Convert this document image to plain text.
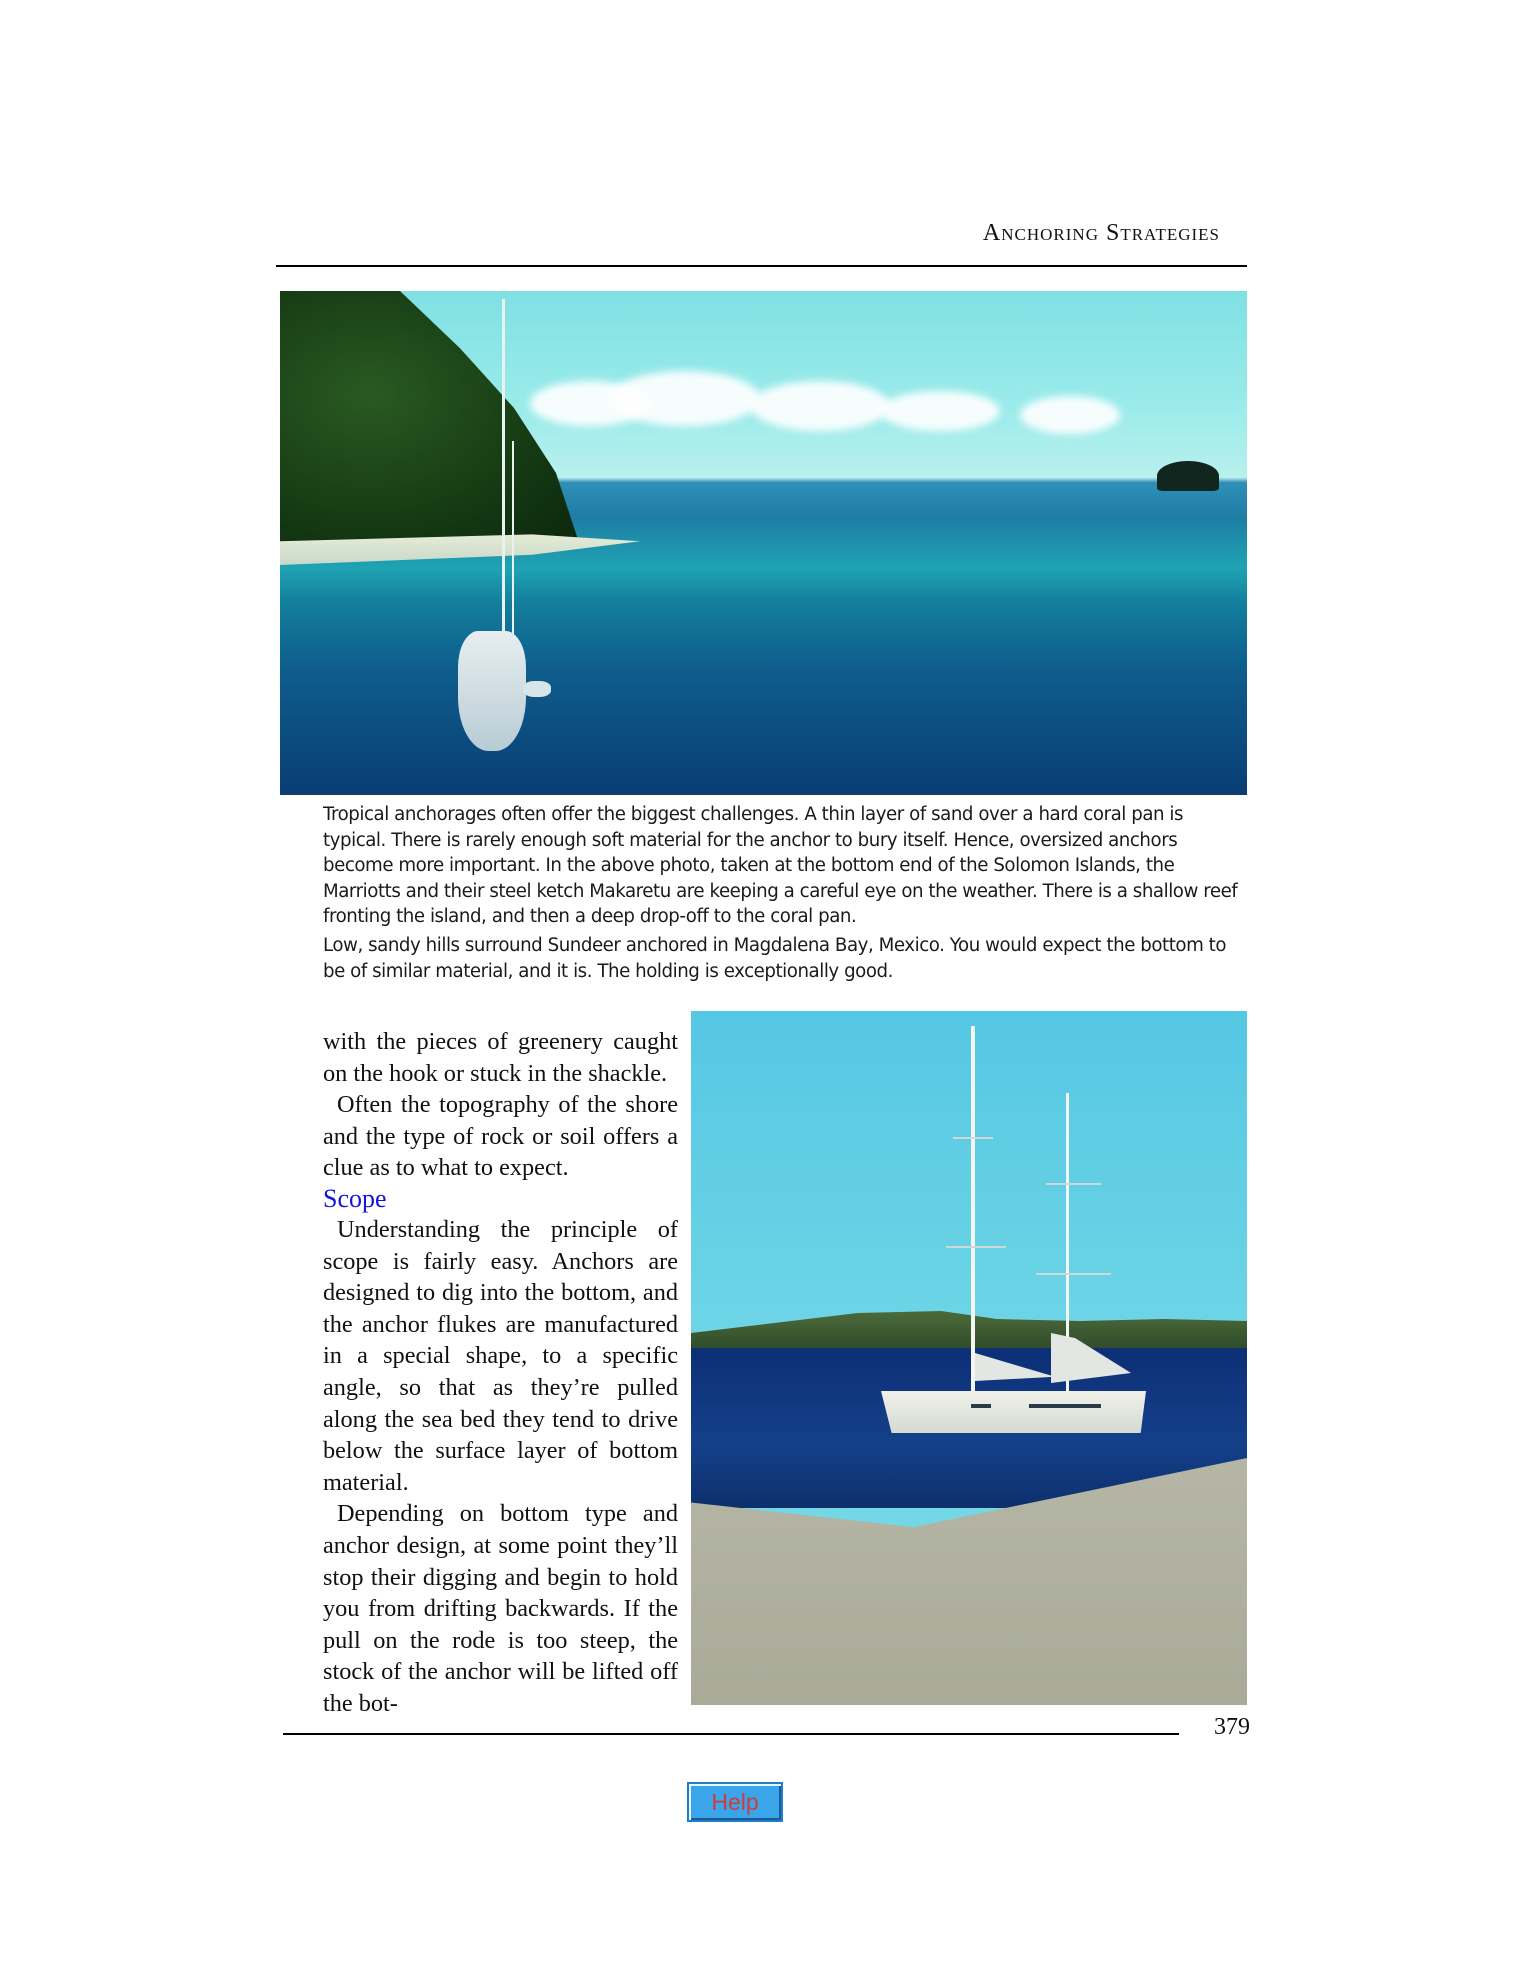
Anchoring Strategies
Tropical anchorages often offer the biggest challenges. A thin layer of sand over a hard coral pan is typical. There is rarely enough soft material for the anchor to bury itself. Hence, oversized anchors become more important. In the above photo, taken at the bottom end of the Solomon Islands, the Marriotts and their steel ketch Makaretu are keeping a careful eye on the weather. There is a shallow reef fronting the island, and then a deep drop-off to the coral pan.
Low, sandy hills surround Sundeer anchored in Magdalena Bay, Mexico. You would expect the bottom to be of similar material, and it is. The holding is exceptionally good.

with the pieces of greenery caught on the hook or stuck in the shackle.

Often the topography of the shore and the type of rock or soil offers a clue as to what to expect.

Scope

Understanding the principle of scope is fairly easy. Anchors are designed to dig into the bottom, and the anchor flukes are manufactured in a special shape, to a specific angle, so that as they’re pulled along the sea bed they tend to drive below the surface layer of bottom material.

Depending on bottom type and anchor design, at some point they’ll stop their digging and begin to hold you from drifting backwards. If the pull on the rode is too steep, the stock of the anchor will be lifted off the bot-

379
Help
